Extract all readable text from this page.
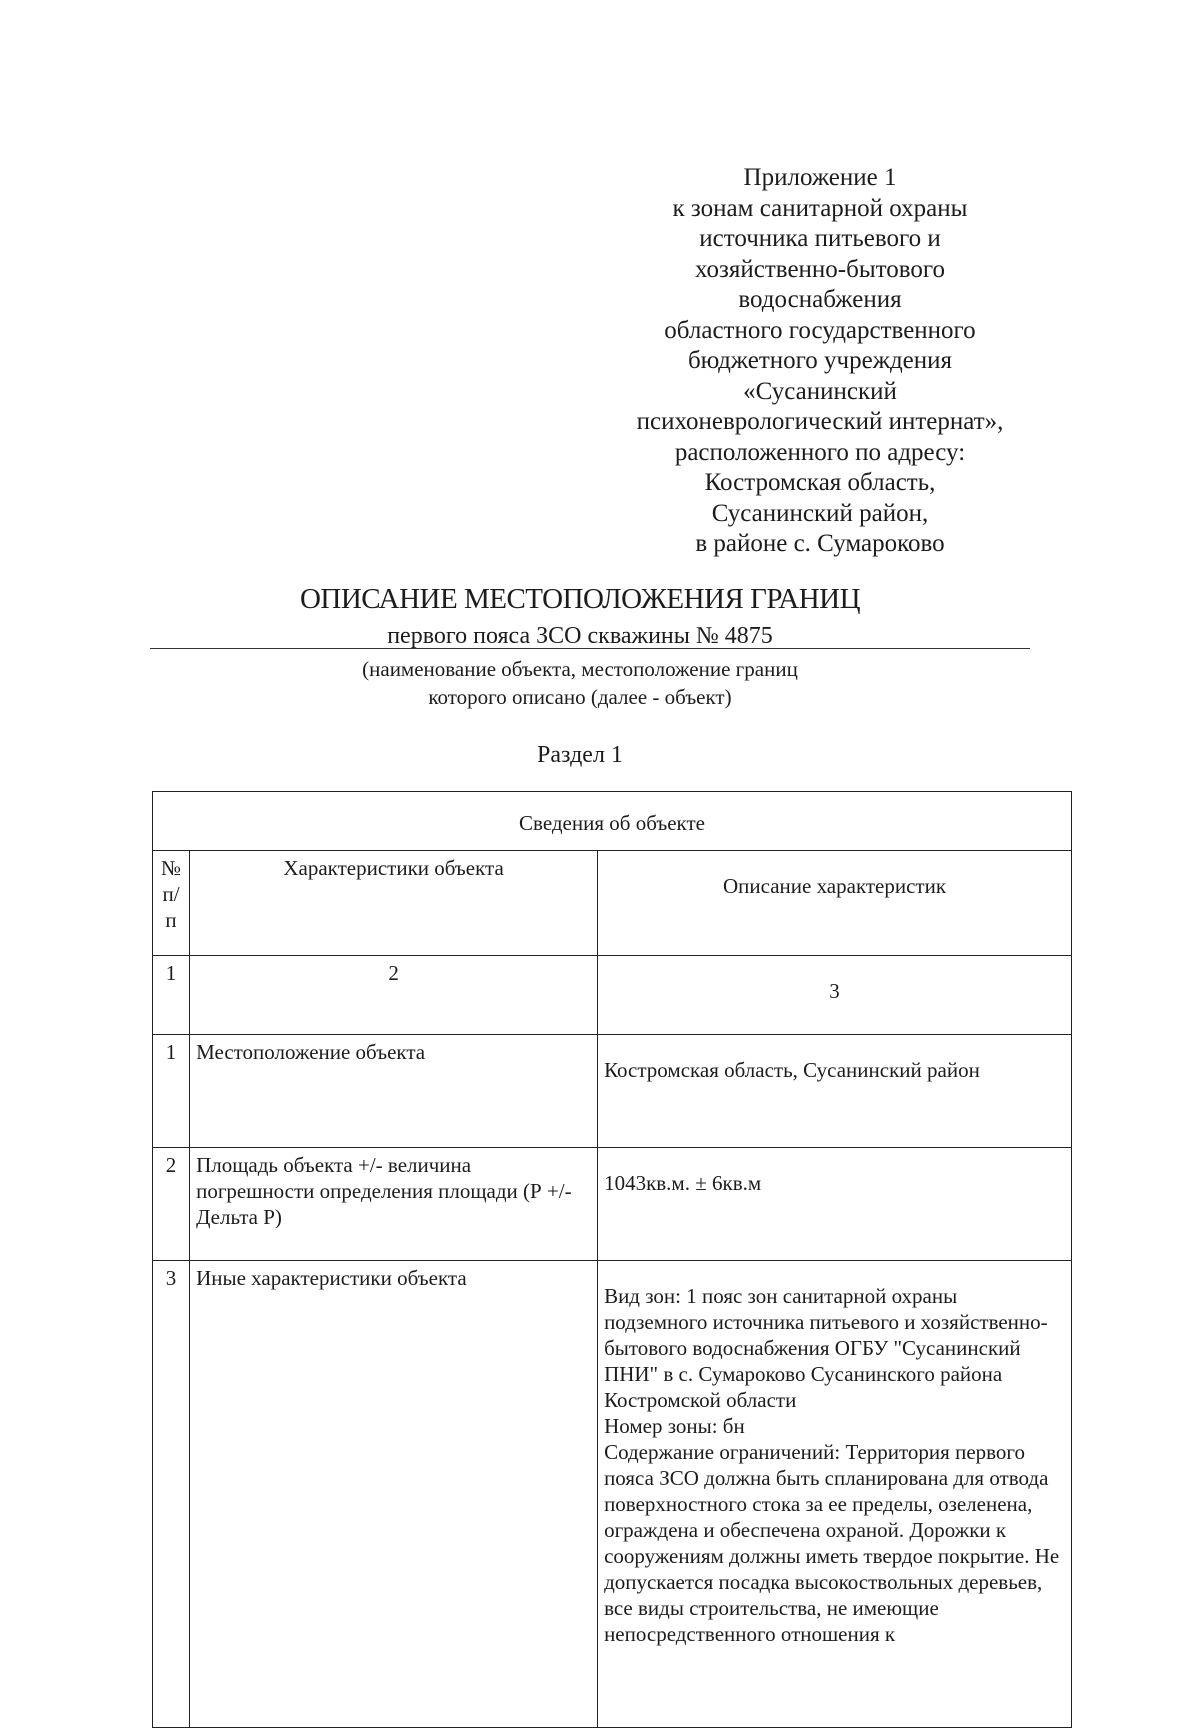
Приложение 1
к зонам санитарной охраны
источника питьевого и
хозяйственно-бытового
водоснабжения
областного государственного
бюджетного учреждения
«Сусанинский
психоневрологический интернат»,
расположенного по адресу:
Костромская область,
Сусанинский район,
в районе с. Сумароково
ОПИСАНИЕ МЕСТОПОЛОЖЕНИЯ ГРАНИЦ
первого пояса ЗСО скважины № 4875
(наименование объекта, местоположение границ
которого описано (далее - объект)
Раздел 1
Сведения об объекте		
№ п/п	Характеристики объекта	Описание характеристик
1	2	3
1	Местоположение объекта	Костромская область, Сусанинский район
2	Площадь объекта +/- величина погрешности определения площади (Р +/- Дельта Р)	1043кв.м. ± 6кв.м
3	Иные характеристики объекта	Вид зон: 1 пояс зон санитарной охраны подземного источника питьевого и хозяйственно-бытового водоснабжения ОГБУ "Сусанинский ПНИ" в с. Сумароково Сусанинского района Костромской области
Номер зоны: бн
Содержание ограничений: Территория первого пояса ЗСО должна быть спланирована для отвода поверхностного стока за ее пределы, озеленена, ограждена и обеспечена охраной. Дорожки к сооружениям должны иметь твердое покрытие. Не допускается посадка высокоствольных деревьев, все виды строительства, не имеющие непосредственного отношения к
